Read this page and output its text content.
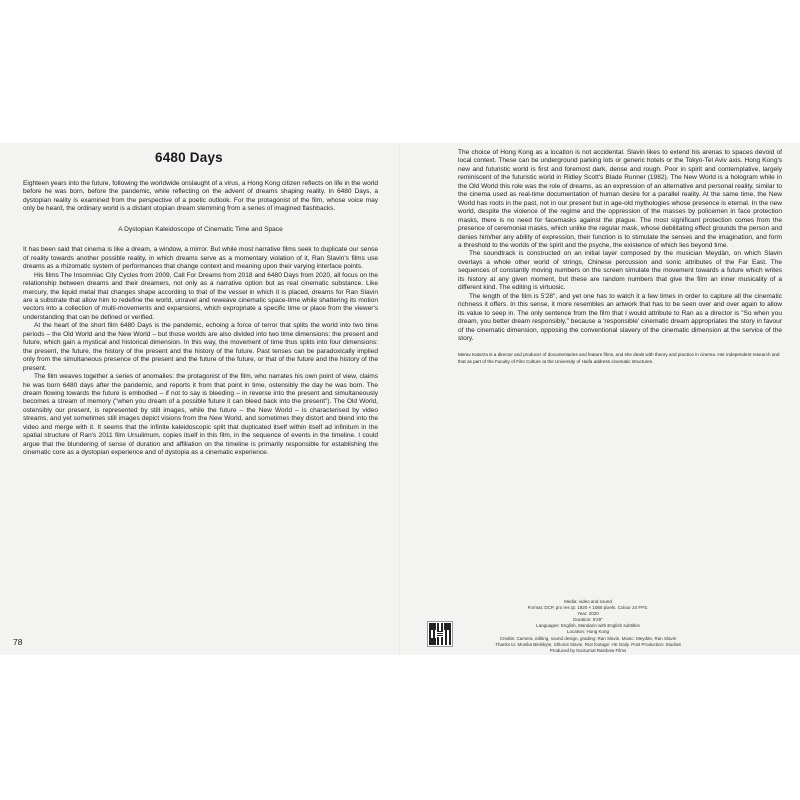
6480 Days

Eighteen years into the future, following the worldwide onslaught of a virus, a Hong Kong citizen reflects on life in the world before he was born, before the pandemic, while reflecting on the advent of dreams shaping reality. In 6480 Days, a dystopian reality is examined from the perspective of a poetic outlook. For the protagonist of the film, whose voice may only be heard, the ordinary world is a distant utopian dream stemming from a series of imagined flashbacks.

A Dystopian Kaleidoscope of Cinematic Time and Space

It has been said that cinema is like a dream, a window, a mirror. But while most narrative films seek to duplicate our sense of reality towards another possible reality, in which dreams serve as a momentary violation of it, Ran Slavin's films use dreams as a rhizomatic system of performances that change context and meaning upon their varying interface points.

His films The Insomniac City Cycles from 2009, Call For Dreams from 2018 and 6480 Days from 2020, all focus on the relationship between dreams and their dreamers, not only as a narrative option but as real cinematic substance. Like mercury, the liquid metal that changes shape according to that of the vessel in which it is placed, dreams for Ran Slavin are a substrate that allow him to redefine the world, unravel and reweave cinematic space-time while shattering its motion vectors into a collection of multi-movements and expansions, which expropriate a specific time or place from the viewer's understanding that can be defined or verified.

At the heart of the short film 6480 Days is the pandemic, echoing a force of terror that splits the world into two time periods – the Old World and the New World – but those worlds are also divided into two time dimensions: the present and future, which gain a mystical and historical dimension. In this way, the movement of time thus splits into four dimensions: the present, the future, the history of the present and the history of the future. Past tenses can be paradoxically implied only from the simultaneous presence of the present and the future of the future, or that of the future and the history of the present.

The film weaves together a series of anomalies: the protagonist of the film, who narrates his own point of view, claims he was born 6480 days after the pandemic, and reports it from that point in time, ostensibly the day he was born. The dream flowing towards the future is embodied – if not to say is bleeding – in reverse into the present and simultaneously becomes a stream of memory ("when you dream of a possible future it can bleed back into the present"). The Old World, ostensibly our present, is represented by still images, while the future – the New World – is characterised by video streams, and yet sometimes still images depict visions from the New World, and sometimes they distort and blend into the video and merge with it. It seems that the infinite kaleidoscopic split that duplicated itself within itself ad infinitum in the spatial structure of Ran's 2011 film Ursulimum, copies itself in this film, in the sequence of events in the timeline. I could argue that the blundering of sense of duration and affiliation on the timeline is primarily responsible for establishing the cinematic core as a dystopian experience and of dystopia as a cinematic experience.

78

The choice of Hong Kong as a location is not accidental. Slavin likes to extend his arenas to spaces devoid of local context. These can be underground parking lots or generic hotels or the Tokyo-Tel Aviv axis. Hong Kong's new and futuristic world is first and foremost dark, dense and rough. Poor in spirit and contemplative, largely reminiscent of the futuristic world in Ridley Scott's Blade Runner (1982). The New World is a hologram while in the Old World this role was the role of dreams, as an expression of an alternative and personal reality, similar to the cinema used as real-time documentation of human desire for a parallel reality. At the same time, the New World has roots in the past, not in our present but in age-old mythologies whose presence is eternal. In the new world, despite the violence of the regime and the oppression of the masses by policemen in face protection masks, there is no need for facemasks against the plague. The most significant protection comes from the presence of ceremonial masks, which unlike the regular mask, whose debilitating effect grounds the person and denies him/her any ability of expression, their function is to stimulate the senses and the imagination, and form a threshold to the worlds of the spirit and the psyche, the existence of which lies beyond time.

The soundtrack is constructed on an initial layer composed by the musician Meydän, on which Slavin overlays a whole other world of strings, Chinese percussion and sonic attributes of the Far East. The sequences of constantly moving numbers on the screen simulate the movement towards a future which writes its history at any given moment, but these are random numbers that give the film an inner musicality of a different kind. The editing is virtuosic.

The length of the film is 5'28", and yet one has to watch it a few times in order to capture all the cinematic richness it offers. In this sense, it more resembles an artwork that has to be seen over and over again to allow its value to seep in. The only sentence from the film that I would attribute to Ran as a director is "So when you dream, you better dream responsibly," because a 'responsible' cinematic dream appropriates the story in favour of the cinematic dimension, opposing the conventional slavery of the cinematic dimension at the service of the story.

Merav Katorza is a director and producer of documentaries and feature films, and she deals with theory and practice in cinema. Her independent research and that as part of the Faculty of Film Culture at the University of Haifa address cinematic structures.

Media: video and sound
Format: DCP, pro res qt. 1920 × 1080 pixels. Colour 24 FPS.
Year: 2020
Duration: 5'29"
Languages: English, Mandarin with English subtitles
Location: Hong Kong
Credits: Camera, editing, sound design, grading: Ran Slavin. Music: Meydän, Ran Slavin
Thanks to: Monika Bielskyte, Shlomit Slavin. Riot footage: HK Daily. Post Production: Studio8
Produced by Nocturnal Rainbow Films
